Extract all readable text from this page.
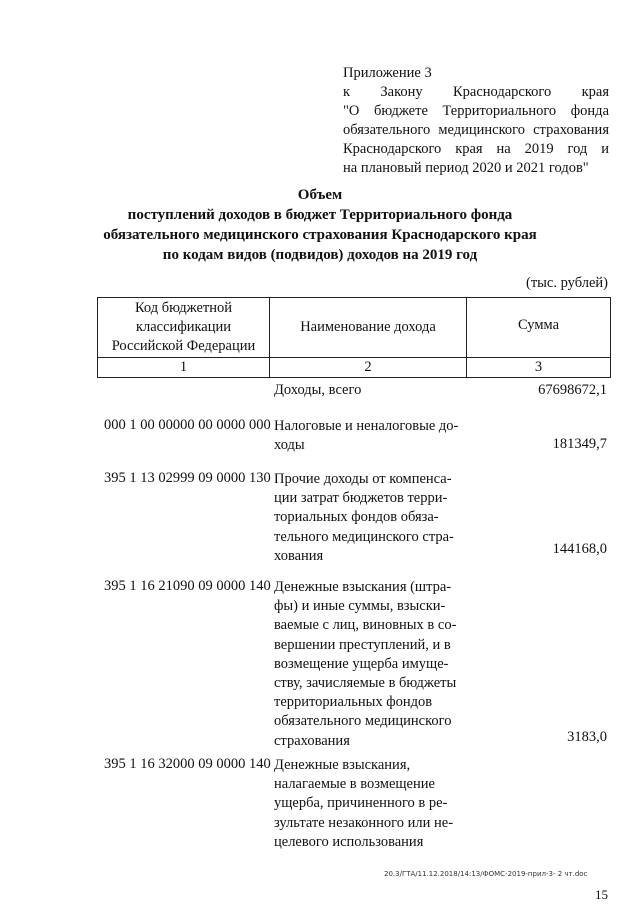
Приложение 3
к Закону Краснодарского края
"О бюджете Территориального фонда
обязательного медицинского страхования
Краснодарского края на 2019 год и
на плановый период 2020 и 2021 годов"
Объем
поступлений доходов в бюджет Территориального фонда
обязательного медицинского страхования Краснодарского края
по кодам видов (подвидов) доходов на 2019 год
(тыс. рублей)
Код бюджетной
классификации
Российской Федерации	Наименование дохода	Сумма
1	2	3
Доходы, всего	67698672,1
000 1 00 00000 00 0000 000 Налоговые и неналоговые до-
ходы	181349,7
395 1 13 02999 09 0000 130 Прочие доходы от компенса-
ции затрат бюджетов терри-
ториальных фондов обяза-
тельного медицинского стра-
хования	144168,0
395 1 16 21090 09 0000 140 Денежные взыскания (штра-
фы) и иные суммы, взыски-
ваемые с лиц, виновных в со-
вершении преступлений, и в
возмещение ущерба имуще-
ству, зачисляемые в бюджеты
территориальных фондов
обязательного медицинского
страхования	3183,0
395 1 16 32000 09 0000 140 Денежные взыскания,
налагаемые в возмещение
ущерба, причиненного в ре-
зультате незаконного или не-
целевого использования
20.3/ГТА/11.12.2018/14:13/ФОМС-2019-прил-3- 2 чт.doc
15
